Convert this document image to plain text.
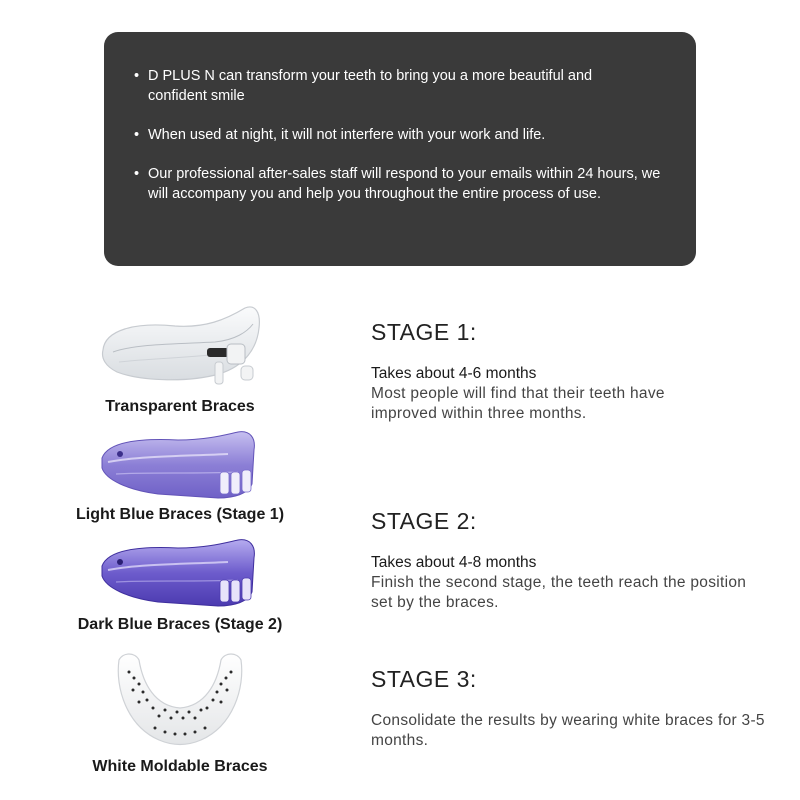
• D PLUS N can transform your teeth to bring you a more beautiful and confident smile
• When used at night, it will not interfere with your work and life.
• Our professional after-sales staff will respond to your emails within 24 hours, we will accompany you and help you throughout the entire process of use.
Transparent Braces
Light Blue Braces (Stage 1)
Dark Blue Braces (Stage 2)
White Moldable Braces
STAGE 1:
Takes about 4-6 months
Most people will find that their teeth have improved within three months.
STAGE 2:
Takes about 4-8 months
Finish the second stage, the teeth reach the position set by the braces.
STAGE 3:
Consolidate the results by wearing white braces for 3-5 months.
